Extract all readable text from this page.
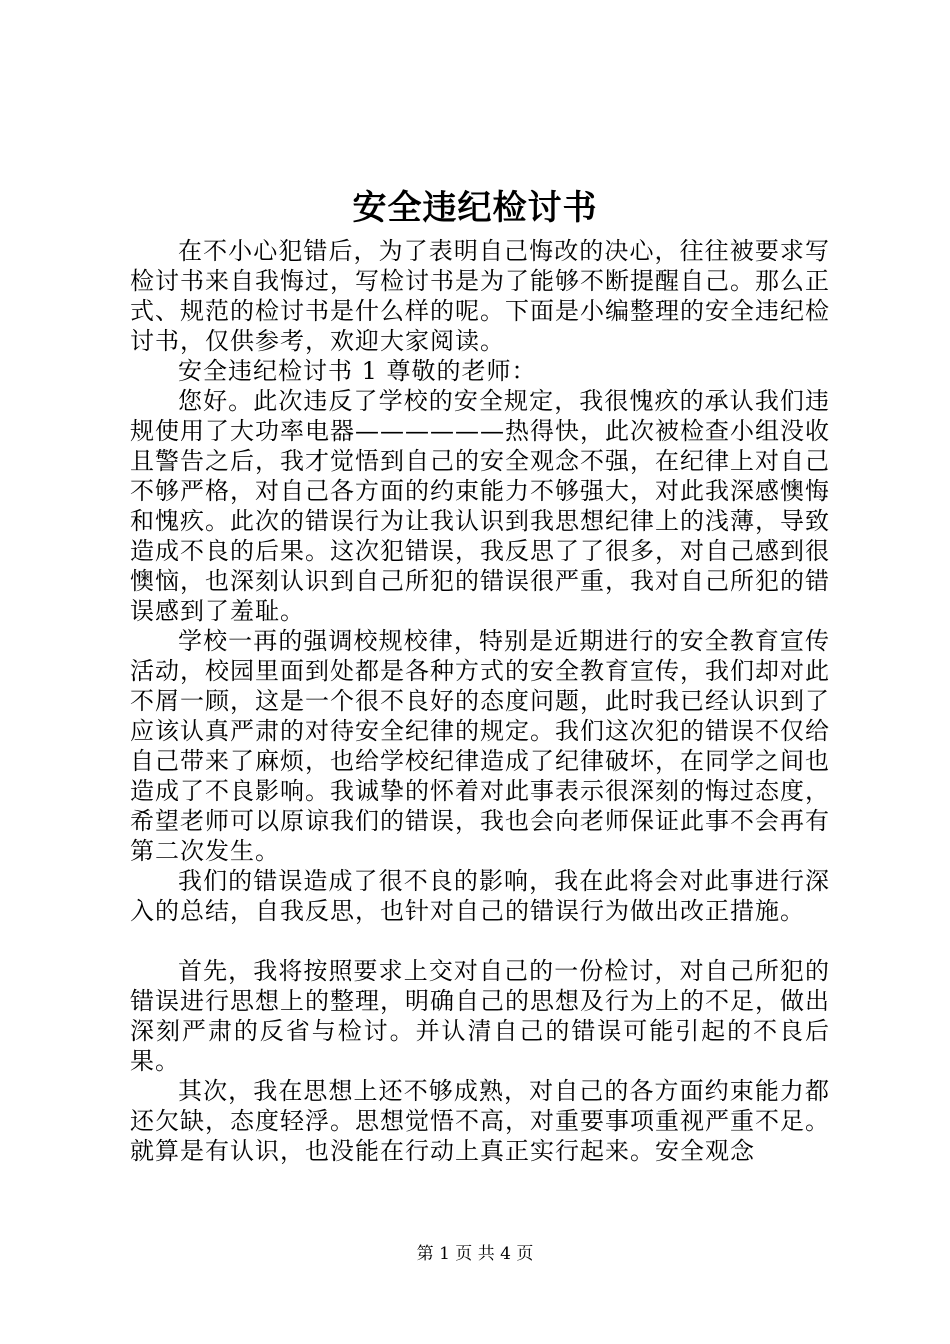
安全违纪检讨书

在不小心犯错后，为了表明自己悔改的决心，往往被要求写检讨书来自我悔过，写检讨书是为了能够不断提醒自己。那么正式、规范的检讨书是什么样的呢。下面是小编整理的安全违纪检讨书，仅供参考，欢迎大家阅读。

安全违纪检讨书 1 尊敬的老师：

您好。此次违反了学校的安全规定，我很愧疚的承认我们违规使用了大功率电器——————热得快，此次被检查小组没收且警告之后，我才觉悟到自己的安全观念不强，在纪律上对自己不够严格，对自己各方面的约束能力不够强大，对此我深感懊悔和愧疚。此次的错误行为让我认识到我思想纪律上的浅薄，导致造成不良的后果。这次犯错误，我反思了了很多，对自己感到很懊恼，也深刻认识到自己所犯的错误很严重，我对自己所犯的错误感到了羞耻。

学校一再的强调校规校律，特别是近期进行的安全教育宣传活动，校园里面到处都是各种方式的安全教育宣传，我们却对此不屑一顾，这是一个很不良好的态度问题，此时我已经认识到了应该认真严肃的对待安全纪律的规定。我们这次犯的错误不仅给自己带来了麻烦，也给学校纪律造成了纪律破坏，在同学之间也造成了不良影响。我诚挚的怀着对此事表示很深刻的悔过态度，希望老师可以原谅我们的错误，我也会向老师保证此事不会再有第二次发生。

我们的错误造成了很不良的影响，我在此将会对此事进行深入的总结，自我反思，也针对自己的错误行为做出改正措施。

首先，我将按照要求上交对自己的一份检讨，对自己所犯的错误进行思想上的整理，明确自己的思想及行为上的不足，做出深刻严肃的反省与检讨。并认清自己的错误可能引起的不良后果。

其次，我在思想上还不够成熟，对自己的各方面约束能力都还欠缺，态度轻浮。思想觉悟不高，对重要事项重视严重不足。就算是有认识，也没能在行动上真正实行起来。安全观念

第 1 页 共 4 页
